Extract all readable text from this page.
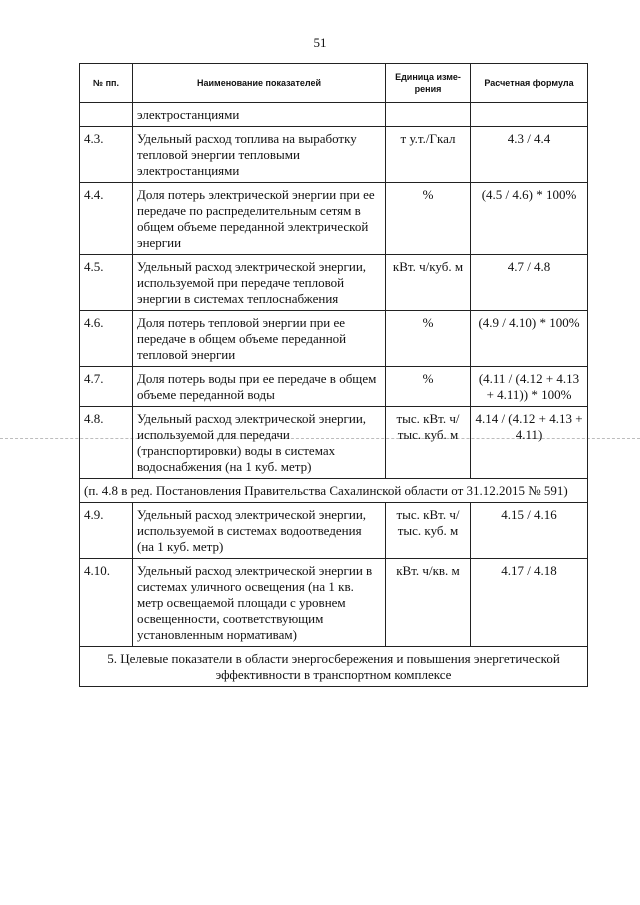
51
№ пп.	Наименование показателей	Единица изме-рения	Расчетная формула
	электростанциями		
4.3.	Удельный расход топлива на выработку тепловой энергии тепловыми электростанциями	т у.т./Гкал	4.3 / 4.4
4.4.	Доля потерь электрической энергии при ее передаче по распределительным сетям в общем объеме переданной электрической энергии	%	(4.5 / 4.6) * 100%
4.5.	Удельный расход электрической энергии, используемой при передаче тепловой энергии в системах теплоснабжения	кВт. ч/куб. м	4.7 / 4.8
4.6.	Доля потерь тепловой энергии при ее передаче в общем объеме переданной тепловой энергии	%	(4.9 / 4.10) * 100%
4.7.	Доля потерь воды при ее передаче в общем объеме переданной воды	%	(4.11 / (4.12 + 4.13 + 4.11)) * 100%
4.8.	Удельный расход электрической энергии, используемой для передачи (транспортировки) воды в системах водоснабжения (на 1 куб. метр)	тыс. кВт. ч/тыс. куб. м	4.14 / (4.12 + 4.13 + 4.11)
(п. 4.8 в ред. Постановления Правительства Сахалинской области от 31.12.2015 № 591)			
4.9.	Удельный расход электрической энергии, используемой в системах водоотведения (на 1 куб. метр)	тыс. кВт. ч/тыс. куб. м	4.15 / 4.16
4.10.	Удельный расход электрической энергии в системах уличного освещения (на 1 кв. метр освещаемой площади с уровнем освещенности, соответствующим установленным нормативам)	кВт. ч/кв. м	4.17 / 4.18
5. Целевые показатели в области энергосбережения и повышения энергетической эффективности в транспортном комплексе			
